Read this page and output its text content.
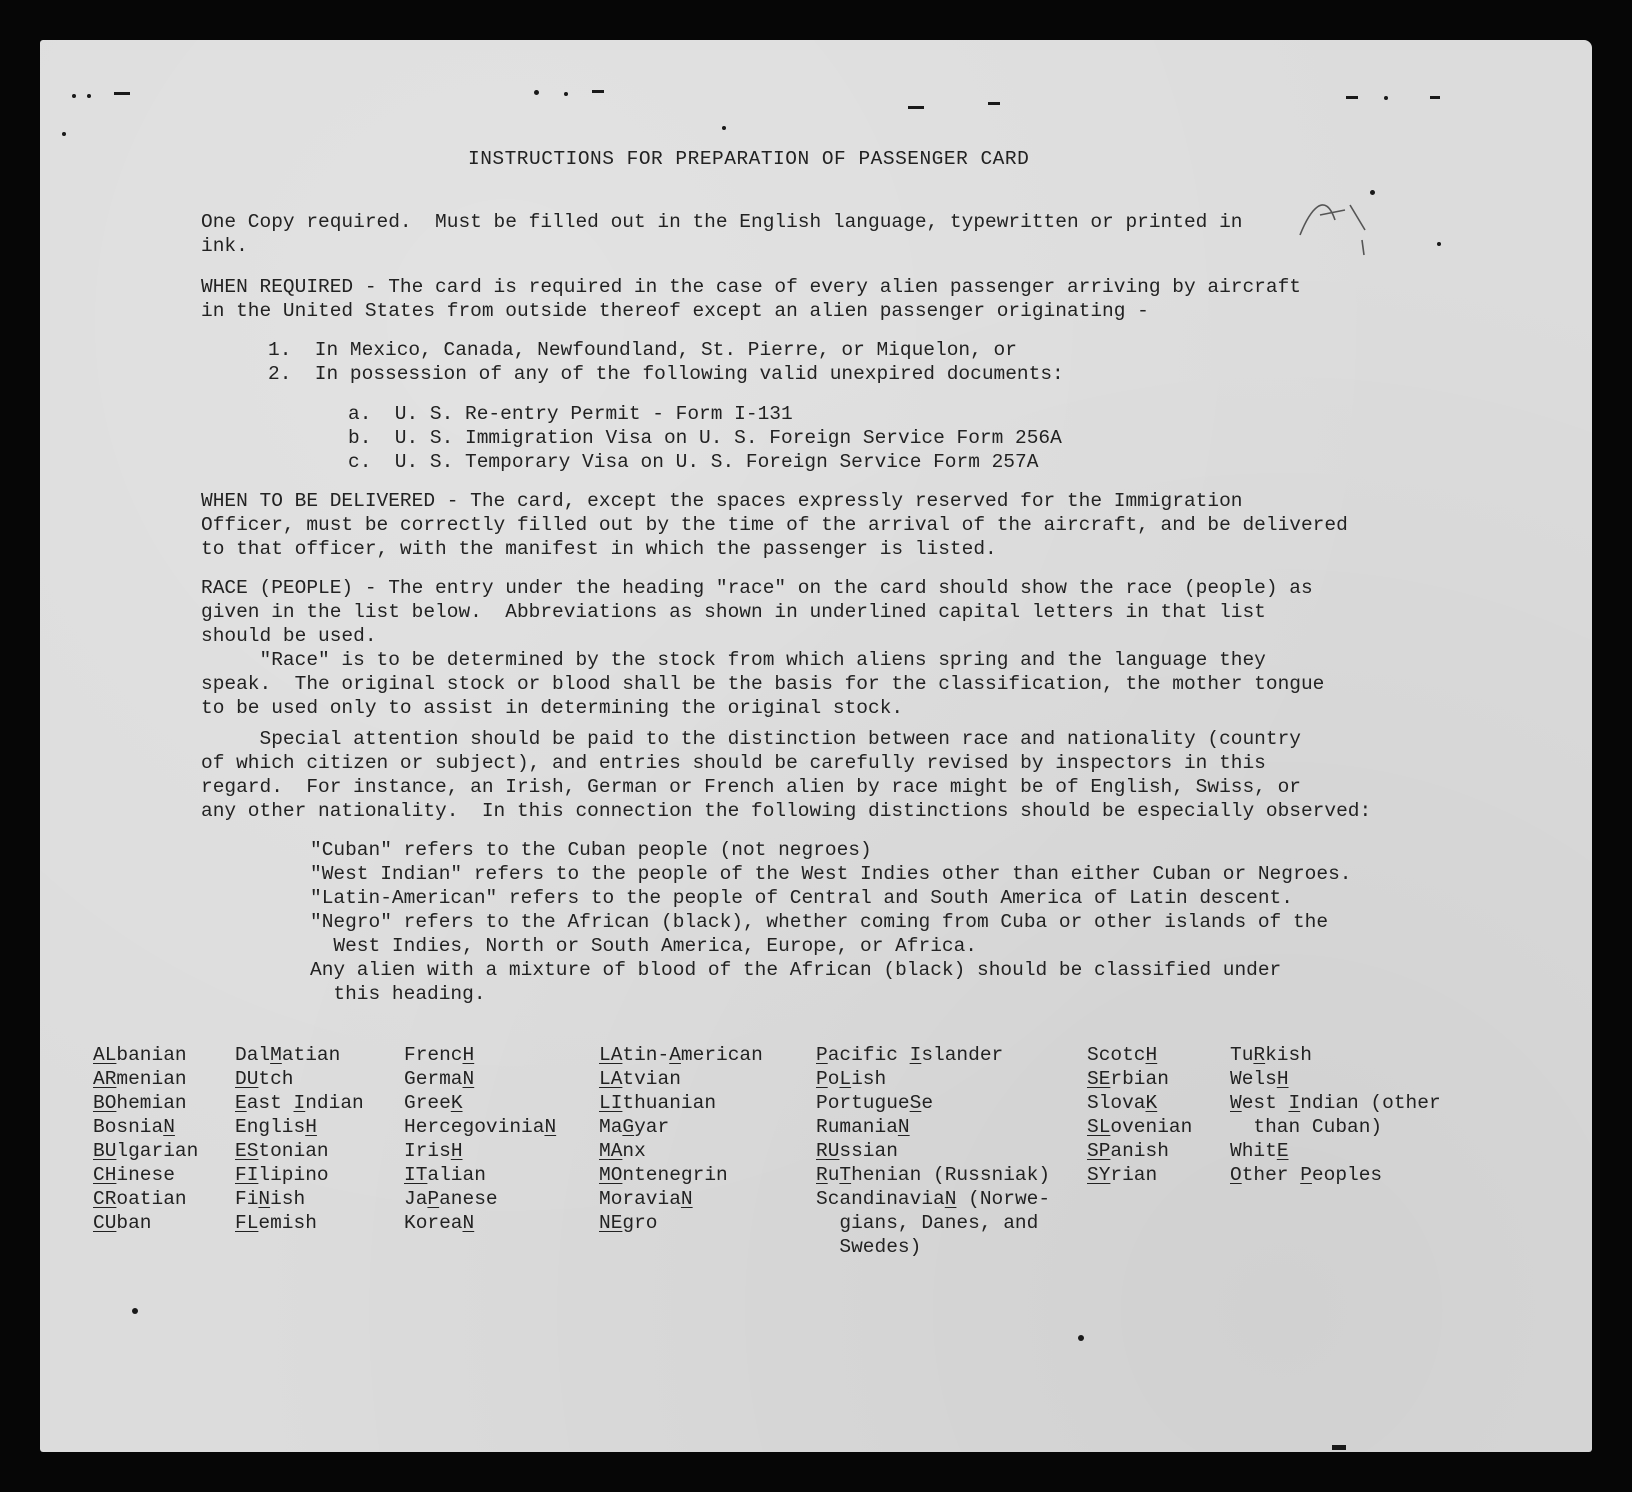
INSTRUCTIONS FOR PREPARATION OF PASSENGER CARD
One Copy required.  Must be filled out in the English language, typewritten or printed in
ink.
WHEN REQUIRED - The card is required in the case of every alien passenger arriving by aircraft
in the United States from outside thereof except an alien passenger originating -
1.  In Mexico, Canada, Newfoundland, St. Pierre, or Miquelon, or
2.  In possession of any of the following valid unexpired documents:
a.  U. S. Re-entry Permit - Form I-131
b.  U. S. Immigration Visa on U. S. Foreign Service Form 256A
c.  U. S. Temporary Visa on U. S. Foreign Service Form 257A
WHEN TO BE DELIVERED - The card, except the spaces expressly reserved for the Immigration
Officer, must be correctly filled out by the time of the arrival of the aircraft, and be delivered
to that officer, with the manifest in which the passenger is listed.
RACE (PEOPLE) - The entry under the heading "race" on the card should show the race (people) as
given in the list below.  Abbreviations as shown in underlined capital letters in that list
should be used.
"Race" is to be determined by the stock from which aliens spring and the language they
speak.  The original stock or blood shall be the basis for the classification, the mother tongue
to be used only to assist in determining the original stock.
Special attention should be paid to the distinction between race and nationality (country
of which citizen or subject), and entries should be carefully revised by inspectors in this
regard.  For instance, an Irish, German or French alien by race might be of English, Swiss, or
any other nationality.  In this connection the following distinctions should be especially observed:
"Cuban" refers to the Cuban people (not negroes)
"West Indian" refers to the people of the West Indies other than either Cuban or Negroes.
"Latin-American" refers to the people of Central and South America of Latin descent.
"Negro" refers to the African (black), whether coming from Cuba or other islands of the
West Indies, North or South America, Europe, or Africa.
Any alien with a mixture of blood of the African (black) should be classified under
this heading.
ALbanian
ARmenian
BOhemian
BosniaN
BUlgarian
CHinese
CRoatian
CUban
DalMatian
DUtch
East Indian
EnglisH
EStonian
FIlipino
FiNish
FLemish
FrencH
GermaN
GreeK
HercegoviniaN
IrisH
ITalian
JaPanese
KoreaN
LAtin-American
LAtvian
LIthuanian
MaGyar
MAnx
MOntenegrin
MoraviaN
NEgro
Pacific Islander
PoLish
PortugueSe
RumaniaN
RUssian
RuThenian (Russniak)
ScandinaviaN (Norwe-
gians, Danes, and
Swedes)
ScotcH
SErbian
SlovaK
SLovenian
SPanish
SYrian
TuRkish
WelsH
West Indian (other
than Cuban)
WhitE
Other Peoples
